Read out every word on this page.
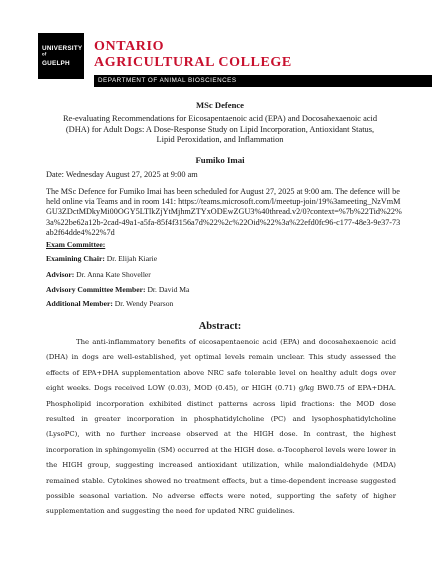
UNIVERSITY
ᵒᶠ
GUELPH
ONTARIO
AGRICULTURAL COLLEGE
DEPARTMENT OF ANIMAL BIOSCIENCES
MSc Defence
Re-evaluating Recommendations for Eicosapentaenoic acid (EPA) and Docosahexaenoic acid (DHA) for Adult Dogs: A Dose-Response Study on Lipid Incorporation, Antioxidant Status, Lipid Peroxidation, and Inflammation
Fumiko Imai
Date: Wednesday August 27, 2025 at 9:00 am
The MSc Defence for Fumiko Imai has been scheduled for August 27, 2025 at 9:00 am. The defence will be held online via Teams and in room 141: https://teams.microsoft.com/l/meetup-join/19%3ameeting_NzVmMGU3ZDctMDkyMi00OGY5LTlkZjYtMjhmZTYxODEwZGU3%40thread.v2/0?context=%7b%22Tid%22%3a%22be62a12b-2cad-49a1-a5fa-85f4f3156a7d%22%2c%22Oid%22%3a%22efd0fc96-c177-48e3-9e37-73ab2f64dde4%22%7d
Exam Committee:
Examining Chair: Dr. Elijah Kiarie
Advisor: Dr. Anna Kate Shoveller
Advisory Committee Member: Dr. David Ma
Additional Member: Dr. Wendy Pearson
Abstract:
The anti-inflammatory benefits of eicosapentaenoic acid (EPA) and docosahexaenoic acid (DHA) in dogs are well-established, yet optimal levels remain unclear. This study assessed the effects of EPA+DHA supplementation above NRC safe tolerable level on healthy adult dogs over eight weeks. Dogs received LOW (0.03), MOD (0.45), or HIGH (0.71) g/kg BW0.75 of EPA+DHA. Phospholipid incorporation exhibited distinct patterns across lipid fractions: the MOD dose resulted in greater incorporation in phosphatidylcholine (PC) and lysophosphatidylcholine (LysoPC), with no further increase observed at the HIGH dose. In contrast, the highest incorporation in sphingomyelin (SM) occurred at the HIGH dose. α-Tocopherol levels were lower in the HIGH group, suggesting increased antioxidant utilization, while malondialdehyde (MDA) remained stable. Cytokines showed no treatment effects, but a time-dependent increase suggested possible seasonal variation. No adverse effects were noted, supporting the safety of higher supplementation and suggesting the need for updated NRC guidelines.
